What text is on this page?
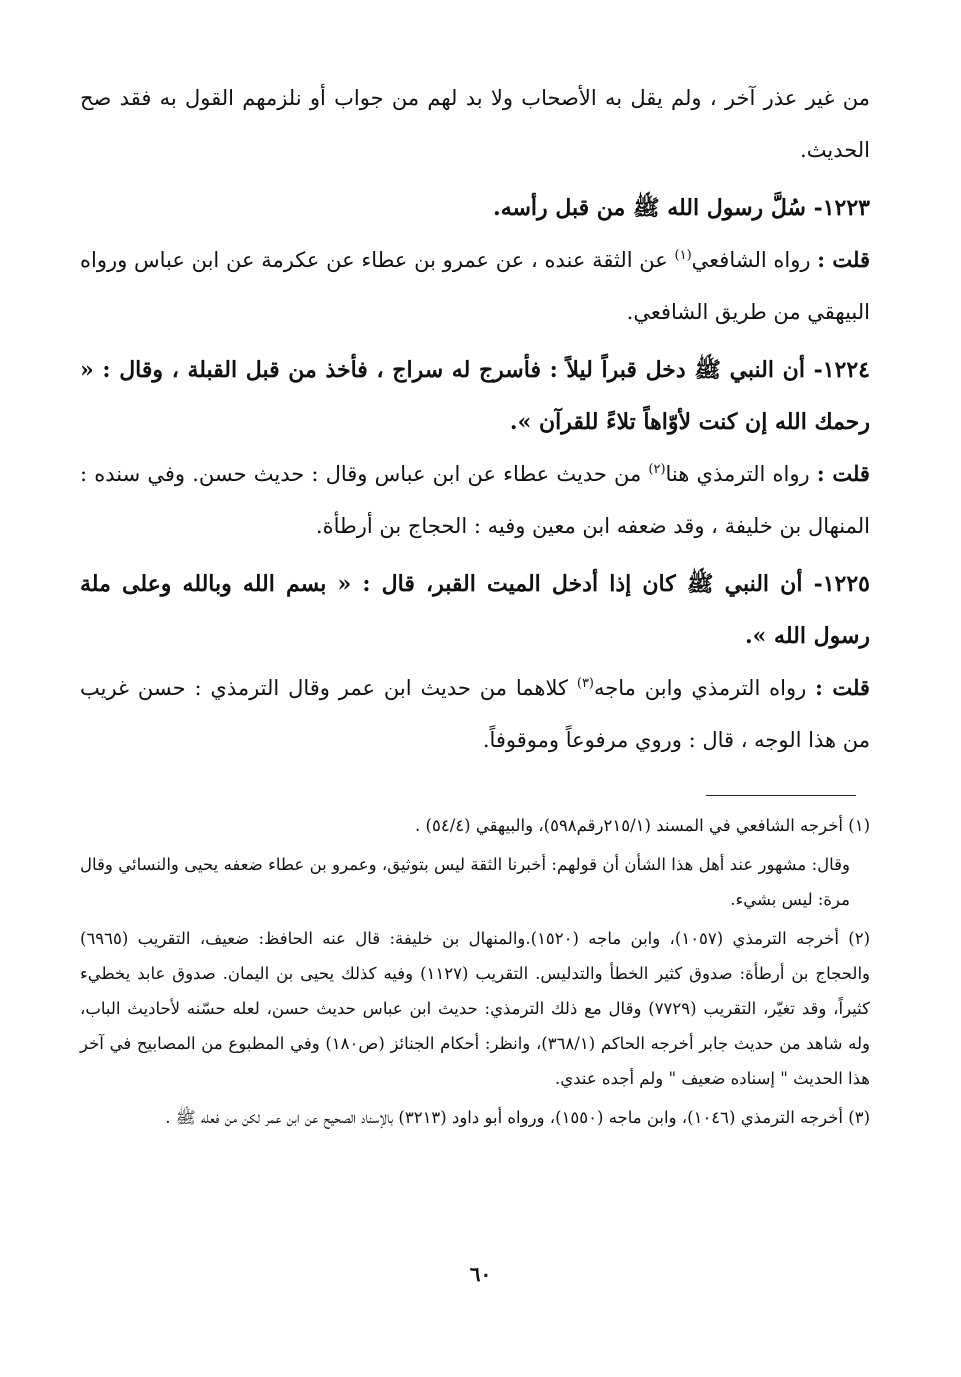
من غير عذر آخر ، ولم يقل به الأصحاب ولا بد لهم من جواب أو نلزمهم القول به فقد صح الحديث.

١٢٢٣- سُلَّ رسول الله ﷺ من قبل رأسه.

قلت : رواه الشافعي$^{(١)}$ عن الثقة عنده ، عن عمرو بن عطاء عن عكرمة عن ابن عباس ورواه البيهقي من طريق الشافعي.

١٢٢٤- أن النبي ﷺ دخل قبراً ليلاً : فأسرج له سراج ، فأخذ من قبل القبلة ، وقال : « رحمك الله إن كنت لأوّاهاً تلاءً للقرآن ».

قلت : رواه الترمذي هنا$^{(٢)}$ من حديث عطاء عن ابن عباس وقال : حديث حسن. وفي سنده : المنهال بن خليفة ، وقد ضعفه ابن معين وفيه : الحجاج بن أرطأة.

١٢٢٥- أن النبي ﷺ كان إذا أدخل الميت القبر، قال : « بسم الله وبالله وعلى ملة رسول الله ».

قلت : رواه الترمذي وابن ماجه$^{(٣)}$ كلاهما من حديث ابن عمر وقال الترمذي : حسن غريب من هذا الوجه ، قال : وروي مرفوعاً وموقوفاً.

(١) أخرجه الشافعي في المسند (٢١٥/١رقم٥٩٨)، والبيهقي (٥٤/٤) .

وقال: مشهور عند أهل هذا الشأن أن قولهم: أخبرنا الثقة ليس بتوثيق، وعمرو بن عطاء ضعفه يحيى والنسائي وقال مرة: ليس بشيء.

(٢) أخرجه الترمذي (١٠٥٧)، وابن ماجه (١٥٢٠).والمنهال بن خليفة: قال عنه الحافظ: ضعيف، التقريب (٦٩٦٥) والحجاج بن أرطأة: صدوق كثير الخطأ والتدليس. التقريب (١١٢٧) وفيه كذلك يحيى بن اليمان. صدوق عابد يخطيء كثيراً، وقد تغيّر، التقريب (٧٧٢٩) وقال مع ذلك الترمذي: حديث ابن عباس حديث حسن، لعله حسّنه لأحاديث الباب، وله شاهد من حديث جابر أخرجه الحاكم (٣٦٨/١)، وانظر: أحكام الجنائز (ص١٨٠) وفي المطبوع من المصابيح في آخر هذا الحديث " إسناده ضعيف " ولم أجده عندي.

(٣) أخرجه الترمذي (١٠٤٦)، وابن ماجه (١٥٥٠)، ورواه أبو داود (٣٢١٣) بالإسناد الصحيح عن ابن عمر لكن من فعله ﷺ .

٦٠
